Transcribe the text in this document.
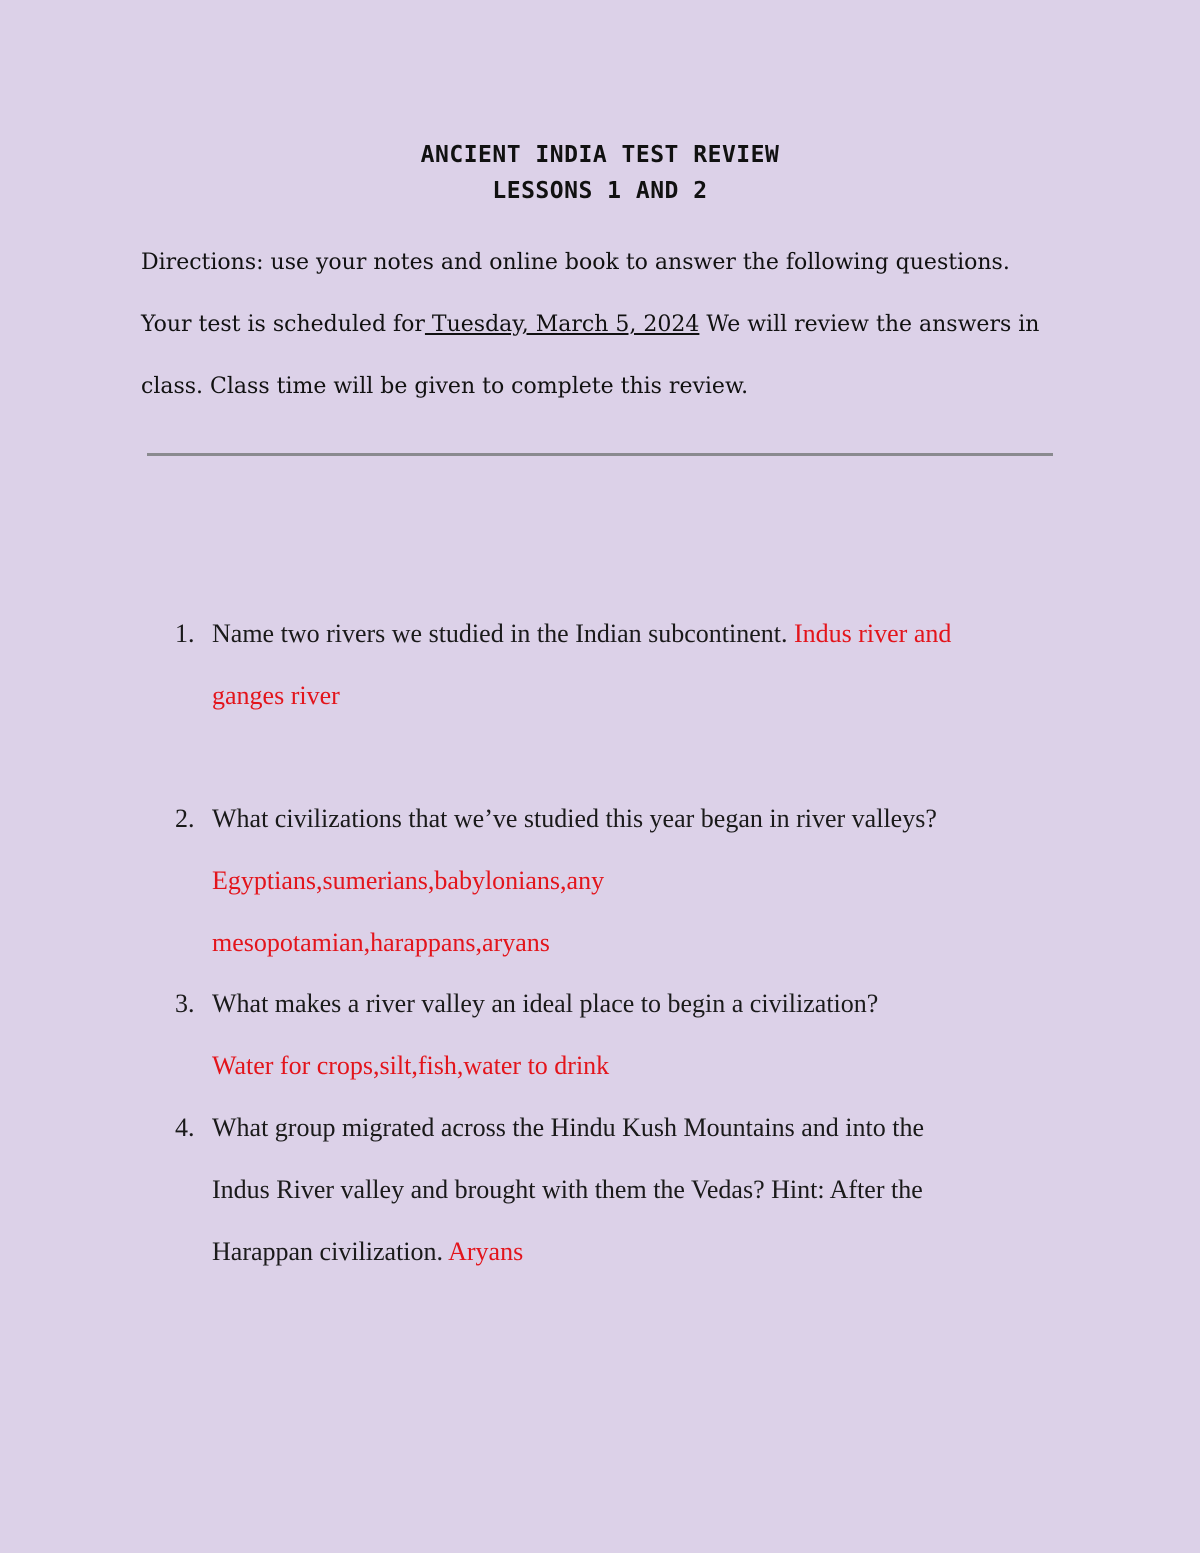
ANCIENT INDIA TEST REVIEW
LESSONS 1 AND 2
Directions: use your notes and online book to answer the following questions.
Your test is scheduled for Tuesday, March 5, 2024 We will review the answers in
class. Class time will be given to complete this review.
1. Name two rivers we studied in the Indian subcontinent. Indus river and
ganges river
2. What civilizations that we’ve studied this year began in river valleys?
Egyptians,sumerians,babylonians,any
mesopotamian,harappans,aryans
3. What makes a river valley an ideal place to begin a civilization?
Water for crops,silt,fish,water to drink
4. What group migrated across the Hindu Kush Mountains and into the
Indus River valley and brought with them the Vedas? Hint: After the
Harappan civilization. Aryans
